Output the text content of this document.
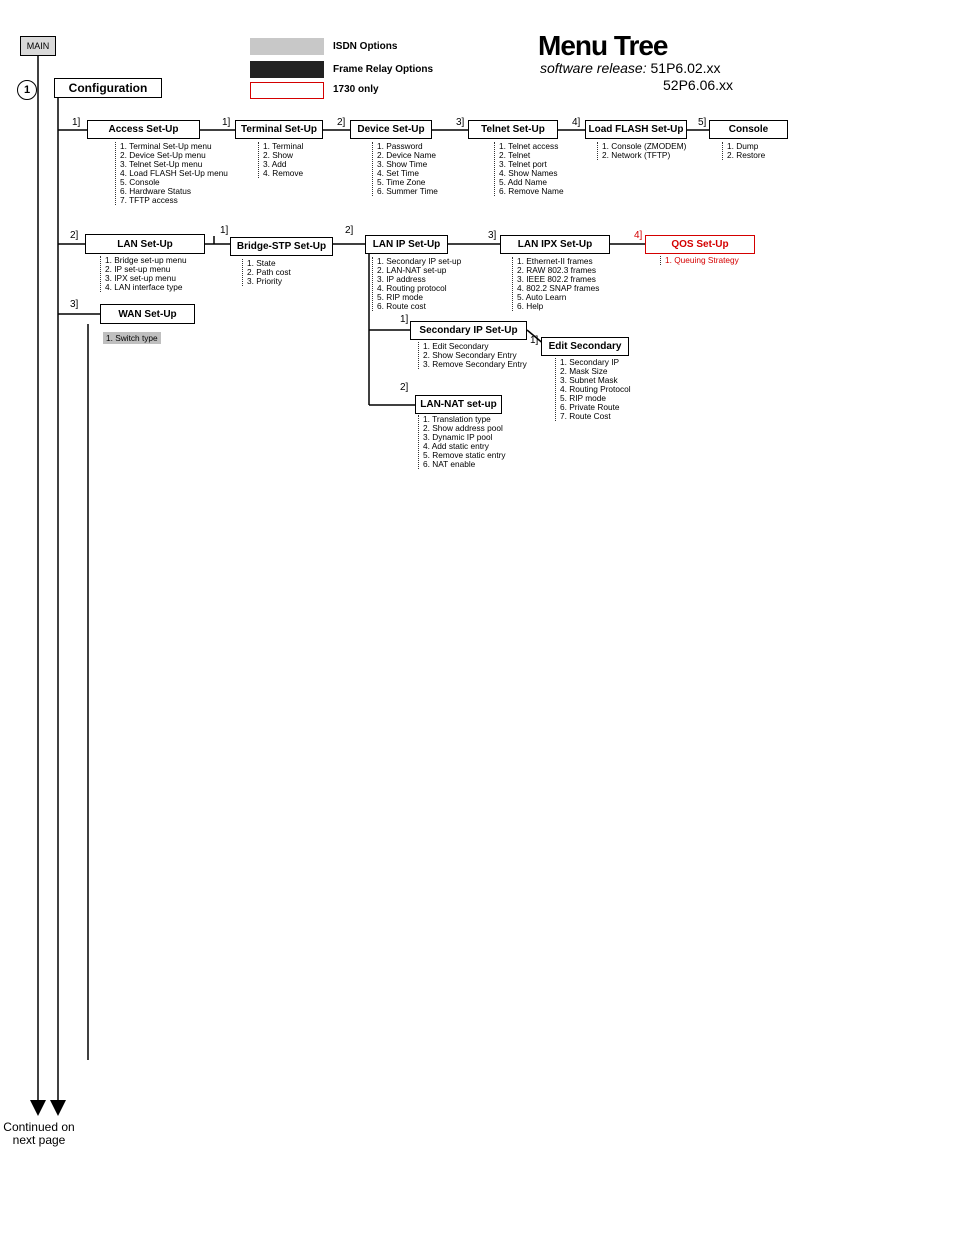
MAIN
1	Configuration
ISDN Options
Frame Relay Options
1730 only
Menu Tree
software release: 51P6.02.xx
52P6.06.xx
Continued on next page
1]
Access Set-Up
1. Terminal Set-Up menu
2. Device Set-Up menu
3. Telnet Set-Up menu
4. Load FLASH Set-Up menu
5. Console
6. Hardware Status
7. TFTP access
1]
Terminal Set-Up
1. Terminal
2. Show
3. Add
4. Remove
2]
Device Set-Up
1. Password
2. Device Name
3. Show Time
4. Set Time
5. Time Zone
6. Summer Time
3]
Telnet Set-Up
1. Telnet access
2. Telnet
3. Telnet port
4. Show Names
5. Add Name
6. Remove Name
4]
Load FLASH Set-Up
1. Console (ZMODEM)
2. Network (TFTP)
5]
Console
1. Dump
2. Restore
2]
LAN Set-Up
1. Bridge set-up menu
2. IP set-up menu
3. IPX set-up menu
4. LAN interface type
1]
Bridge-STP Set-Up
1. State
2. Path cost
3. Priority
2]
LAN IP Set-Up
1. Secondary IP set-up
2. LAN-NAT set-up
3. IP address
4. Routing protocol
5. RIP mode
6. Route cost
3]
LAN IPX Set-Up
1. Ethernet-II frames
2. RAW 802.3 frames
3. IEEE 802.2 frames
4. 802.2 SNAP frames
5. Auto Learn
6. Help
4]
QOS Set-Up
1. Queuing Strategy
1]
Secondary IP Set-Up
1. Edit Secondary
2. Show Secondary Entry
3. Remove Secondary Entry
1]
Edit Secondary
1. Secondary IP
2. Mask Size
3. Subnet Mask
4. Routing Protocol
5. RIP mode
6. Private Route
7. Route Cost
2]
LAN-NAT set-up
1. Translation type
2. Show address pool
3. Dynamic IP pool
4. Add static entry
5. Remove static entry
6. NAT enable
3]
WAN Set-Up
1. Switch type
